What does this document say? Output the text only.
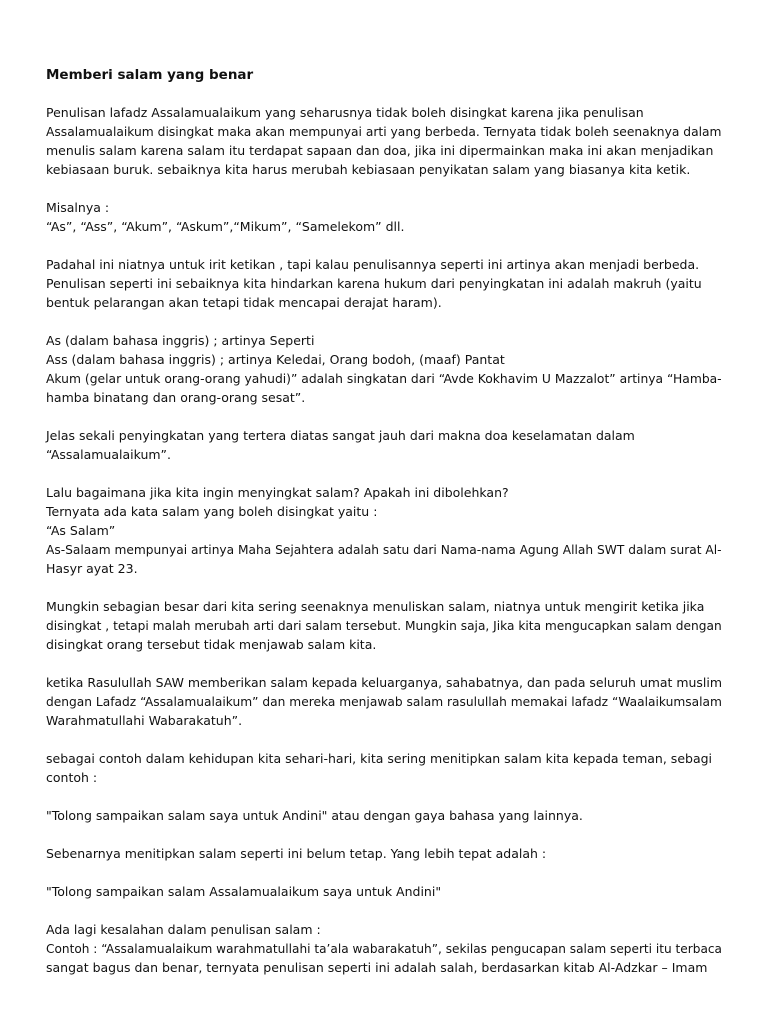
Memberi salam yang benar
Penulisan lafadz Assalamualaikum yang seharusnya tidak boleh disingkat karena jika penulisan
Assalamualaikum disingkat maka akan mempunyai arti yang berbeda. Ternyata tidak boleh seenaknya dalam
menulis salam karena salam itu terdapat sapaan dan doa, jika ini dipermainkan maka ini akan menjadikan
kebiasaan buruk. sebaiknya kita harus merubah kebiasaan penyikatan salam yang biasanya kita ketik.
Misalnya :
“As”, “Ass”, “Akum”, “Askum”,“Mikum”, “Samelekom” dll.
Padahal ini niatnya untuk irit ketikan , tapi kalau penulisannya seperti ini artinya akan menjadi berbeda.
Penulisan seperti ini sebaiknya kita hindarkan karena hukum dari penyingkatan ini adalah makruh (yaitu
bentuk pelarangan akan tetapi tidak mencapai derajat haram).
As (dalam bahasa inggris) ; artinya Seperti
Ass (dalam bahasa inggris) ; artinya Keledai, Orang bodoh, (maaf) Pantat
Akum (gelar untuk orang-orang yahudi)” adalah singkatan dari “Avde Kokhavim U Mazzalot” artinya “Hamba-
hamba binatang dan orang-orang sesat”.
Jelas sekali penyingkatan yang tertera diatas sangat jauh dari makna doa keselamatan dalam
“Assalamualaikum”.
Lalu bagaimana jika kita ingin menyingkat salam? Apakah ini dibolehkan?
Ternyata ada kata salam yang boleh disingkat yaitu :
“As Salam”
As-Salaam mempunyai artinya Maha Sejahtera adalah satu dari Nama-nama Agung Allah SWT dalam surat Al-
Hasyr ayat 23.
Mungkin sebagian besar dari kita sering seenaknya menuliskan salam, niatnya untuk mengirit ketika jika
disingkat , tetapi malah merubah arti dari salam tersebut. Mungkin saja, Jika kita mengucapkan salam dengan
disingkat orang tersebut tidak menjawab salam kita.
ketika Rasulullah SAW memberikan salam kepada keluarganya, sahabatnya, dan pada seluruh umat muslim
dengan Lafadz “Assalamualaikum” dan mereka menjawab salam rasulullah memakai lafadz “Waalaikumsalam
Warahmatullahi Wabarakatuh”.
sebagai contoh dalam kehidupan kita sehari-hari, kita sering menitipkan salam kita kepada teman, sebagi
contoh :
"Tolong sampaikan salam saya untuk Andini" atau dengan gaya bahasa yang lainnya.
Sebenarnya menitipkan salam seperti ini belum tetap. Yang lebih tepat adalah :
"Tolong sampaikan salam Assalamualaikum saya untuk Andini"
Ada lagi kesalahan dalam penulisan salam :
Contoh : “Assalamualaikum warahmatullahi ta’ala wabarakatuh”, sekilas pengucapan salam seperti itu terbaca
sangat bagus dan benar, ternyata penulisan seperti ini adalah salah, berdasarkan kitab Al-Adzkar – Imam
